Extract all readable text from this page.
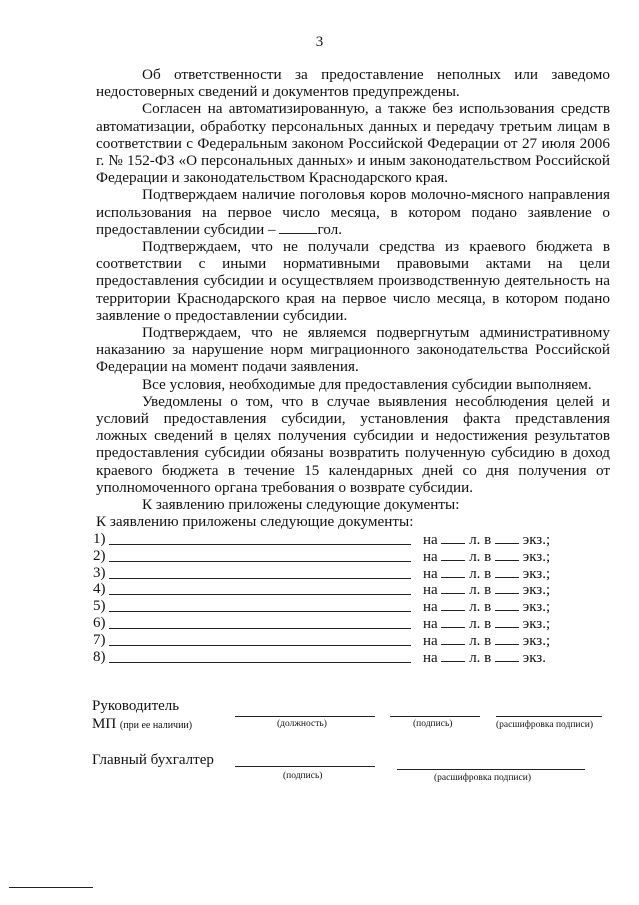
3

Об ответственности за предоставление неполных или заведомо недостоверных сведений и документов предупреждены.

Согласен на автоматизированную, а также без использования средств автоматизации, обработку персональных данных и передачу третьим лицам в соответствии с Федеральным законом Российской Федерации от 27 июля 2006 г. № 152-ФЗ «О персональных данных» и иным законодательством Российской Федерации и законодательством Краснодарского края.

Подтверждаем наличие поголовья коров молочно-мясного направления использования на первое число месяца, в котором подано заявление о предоставлении субсидии –	гол.

Подтверждаем, что не получали средства из краевого бюджета в соответствии с иными нормативными правовыми актами на цели предоставления субсидии и осуществляем производственную деятельность на территории Краснодарского края на первое число месяца, в котором подано заявление о предоставлении субсидии.

Подтверждаем, что не являемся подвергнутым административному наказанию за нарушение норм миграционного законодательства Российской Федерации на момент подачи заявления.

Все условия, необходимые для предоставления субсидии выполняем.

Уведомлены о том, что в случае выявления несоблюдения целей и условий предоставления субсидии, установления факта представления ложных сведений в целях получения субсидии и недостижения результатов предоставления субсидии обязаны возвратить полученную субсидию в доход краевого бюджета в течение 15 календарных дней со дня получения от уполномоченного органа требования о возврате субсидии.

К заявлению приложены следующие документы:

К заявлению приложены следующие документы:

1)	на л. в экз.;
2)	на л. в экз.;
3)	на л. в экз.;
4)	на л. в экз.;
5)	на л. в экз.;
6)	на л. в экз.;
7)	на л. в экз.;
8)	на л. в экз.
Руководитель
МП (при ее наличии)	(должность)	(подпись)	(расшифровка подписи)
Главный бухгалтер
(подпись)	(расшифровка подписи)
